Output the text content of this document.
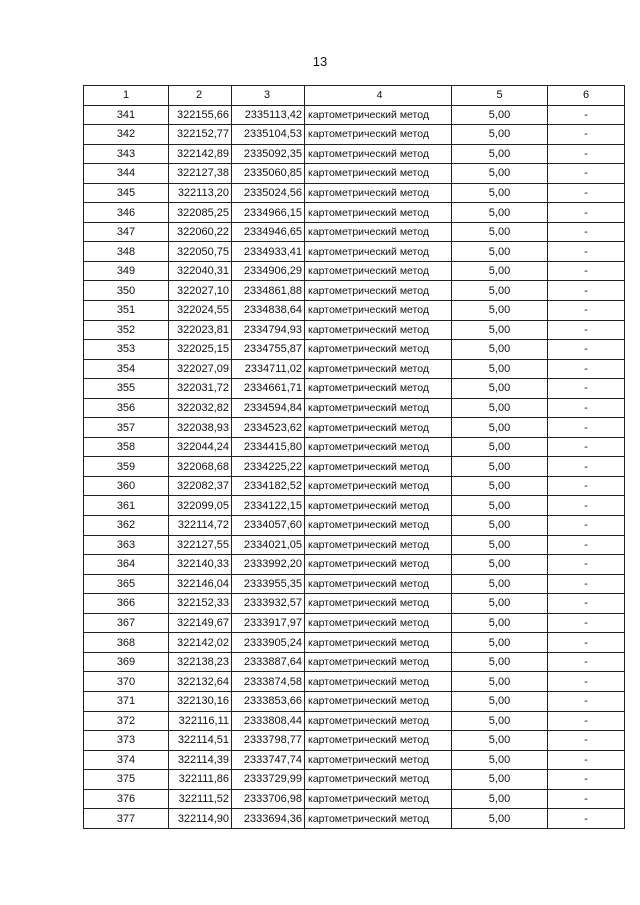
13
1	2	3	4	5	6
341	322155,66	2335113,42	картометрический метод	5,00	-
342	322152,77	2335104,53	картометрический метод	5,00	-
343	322142,89	2335092,35	картометрический метод	5,00	-
344	322127,38	2335060,85	картометрический метод	5,00	-
345	322113,20	2335024,56	картометрический метод	5,00	-
346	322085,25	2334966,15	картометрический метод	5,00	-
347	322060,22	2334946,65	картометрический метод	5,00	-
348	322050,75	2334933,41	картометрический метод	5,00	-
349	322040,31	2334906,29	картометрический метод	5,00	-
350	322027,10	2334861,88	картометрический метод	5,00	-
351	322024,55	2334838,64	картометрический метод	5,00	-
352	322023,81	2334794,93	картометрический метод	5,00	-
353	322025,15	2334755,87	картометрический метод	5,00	-
354	322027,09	2334711,02	картометрический метод	5,00	-
355	322031,72	2334661,71	картометрический метод	5,00	-
356	322032,82	2334594,84	картометрический метод	5,00	-
357	322038,93	2334523,62	картометрический метод	5,00	-
358	322044,24	2334415,80	картометрический метод	5,00	-
359	322068,68	2334225,22	картометрический метод	5,00	-
360	322082,37	2334182,52	картометрический метод	5,00	-
361	322099,05	2334122,15	картометрический метод	5,00	-
362	322114,72	2334057,60	картометрический метод	5,00	-
363	322127,55	2334021,05	картометрический метод	5,00	-
364	322140,33	2333992,20	картометрический метод	5,00	-
365	322146,04	2333955,35	картометрический метод	5,00	-
366	322152,33	2333932,57	картометрический метод	5,00	-
367	322149,67	2333917,97	картометрический метод	5,00	-
368	322142,02	2333905,24	картометрический метод	5,00	-
369	322138,23	2333887,64	картометрический метод	5,00	-
370	322132,64	2333874,58	картометрический метод	5,00	-
371	322130,16	2333853,66	картометрический метод	5,00	-
372	322116,11	2333808,44	картометрический метод	5,00	-
373	322114,51	2333798,77	картометрический метод	5,00	-
374	322114,39	2333747,74	картометрический метод	5,00	-
375	322111,86	2333729,99	картометрический метод	5,00	-
376	322111,52	2333706,98	картометрический метод	5,00	-
377	322114,90	2333694,36	картометрический метод	5,00	-
